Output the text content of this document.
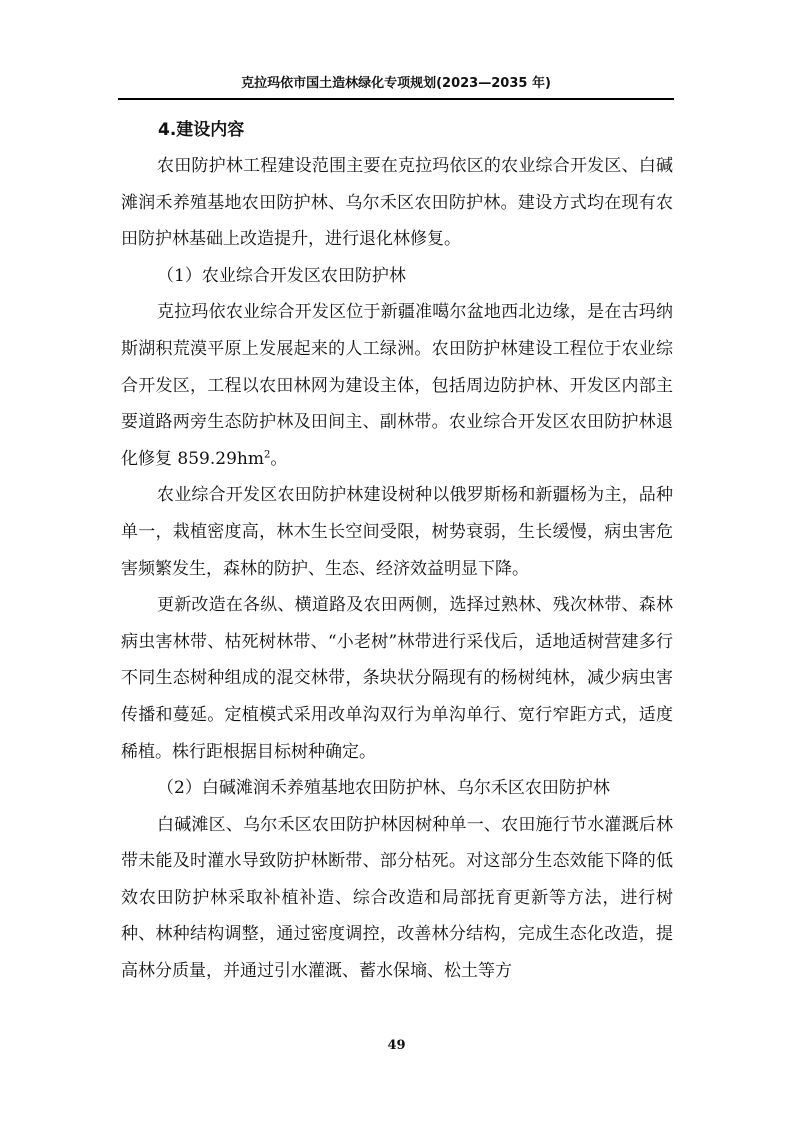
克拉玛依市国土造林绿化专项规划(2023—2035 年)

4.建设内容

农田防护林工程建设范围主要在克拉玛依区的农业综合开发区、白碱滩润禾养殖基地农田防护林、乌尔禾区农田防护林。建设方式均在现有农田防护林基础上改造提升，进行退化林修复。

（1）农业综合开发区农田防护林

克拉玛依农业综合开发区位于新疆准噶尔盆地西北边缘，是在古玛纳斯湖积荒漠平原上发展起来的人工绿洲。农田防护林建设工程位于农业综合开发区，工程以农田林网为建设主体，包括周边防护林、开发区内部主要道路两旁生态防护林及田间主、副林带。农业综合开发区农田防护林退化修复 $859.29hm^2$。

农业综合开发区农田防护林建设树种以俄罗斯杨和新疆杨为主，品种单一，栽植密度高，林木生长空间受限，树势衰弱，生长缓慢，病虫害危害频繁发生，森林的防护、生态、经济效益明显下降。

更新改造在各纵、横道路及农田两侧，选择过熟林、残次林带、森林病虫害林带、枯死树林带、“小老树”林带进行采伐后，适地适树营建多行不同生态树种组成的混交林带，条块状分隔现有的杨树纯林，减少病虫害传播和蔓延。定植模式采用改单沟双行为单沟单行、宽行窄距方式，适度稀植。株行距根据目标树种确定。

（2）白碱滩润禾养殖基地农田防护林、乌尔禾区农田防护林

白碱滩区、乌尔禾区农田防护林因树种单一、农田施行节水灌溉后林带未能及时灌水导致防护林断带、部分枯死。对这部分生态效能下降的低效农田防护林采取补植补造、综合改造和局部抚育更新等方法，进行树种、林种结构调整，通过密度调控，改善林分结构，完成生态化改造，提高林分质量，并通过引水灌溉、蓄水保墒、松土等方

49
